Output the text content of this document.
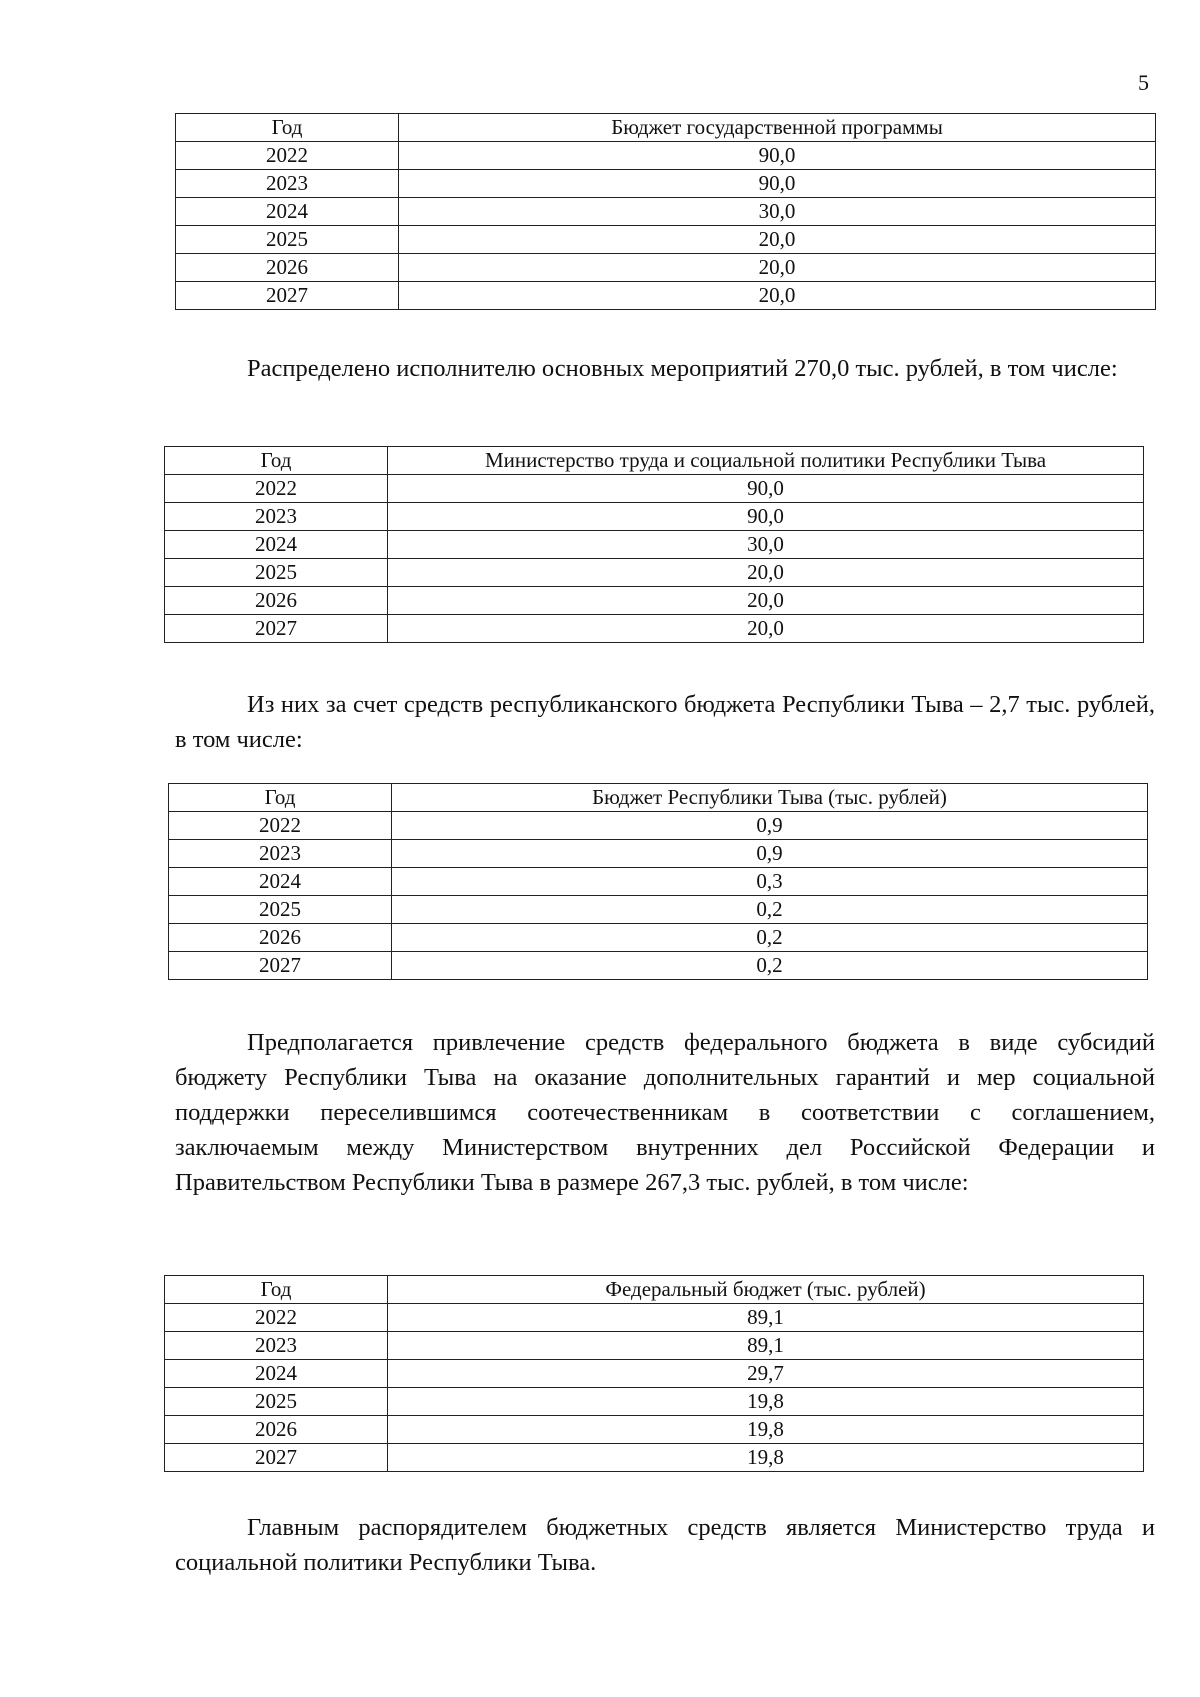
5
Год	Бюджет государственной программы
2022	90,0
2023	90,0
2024	30,0
2025	20,0
2026	20,0
2027	20,0

Распределено исполнителю основных мероприятий 270,0 тыс. рублей, в том числе:

Год	Министерство труда и социальной политики Республики Тыва
2022	90,0
2023	90,0
2024	30,0
2025	20,0
2026	20,0
2027	20,0

Из них за счет средств республиканского бюджета Республики Тыва – 2,7 тыс. рублей, в том числе:

Год	Бюджет Республики Тыва (тыс. рублей)
2022	0,9
2023	0,9
2024	0,3
2025	0,2
2026	0,2
2027	0,2

Предполагается привлечение средств федерального бюджета в виде субсидий бюджету Республики Тыва на оказание дополнительных гарантий и мер социальной поддержки переселившимся соотечественникам в соответствии с соглашением, заключаемым между Министерством внутренних дел Российской Федерации и Правительством Республики Тыва в размере 267,3 тыс. рублей, в том числе:

Год	Федеральный бюджет (тыс. рублей)
2022	89,1
2023	89,1
2024	29,7
2025	19,8
2026	19,8
2027	19,8

Главным распорядителем бюджетных средств является Министерство труда и социальной политики Республики Тыва.
